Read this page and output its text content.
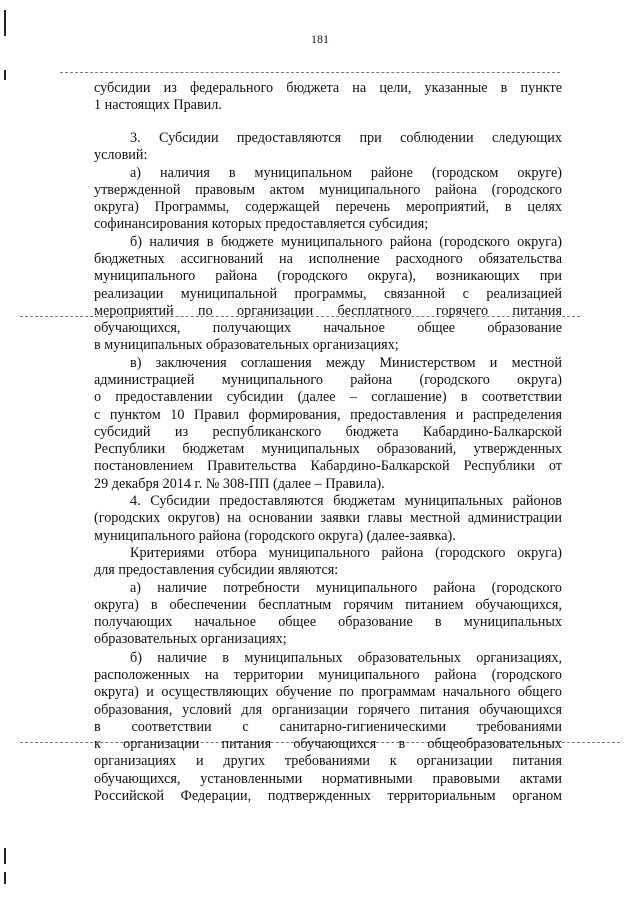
181
субсидии из федерального бюджета на цели, указанные в пункте
1 настоящих Правил.
3. Субсидии предоставляются при соблюдении следующих
условий:
а) наличия в муниципальном районе (городском округе)
утвержденной правовым актом муниципального района (городского
округа) Программы, содержащей перечень мероприятий, в целях
софинансирования которых предоставляется субсидия;
б) наличия в бюджете муниципального района (городского округа)
бюджетных ассигнований на исполнение расходного обязательства
муниципального района (городского округа), возникающих при
реализации муниципальной программы, связанной с реализацией
мероприятий по организации бесплатного горячего питания
обучающихся, получающих начальное общее образование
в муниципальных образовательных организациях;
в) заключения соглашения между Министерством и местной
администрацией муниципального района (городского округа)
о предоставлении субсидии (далее – соглашение) в соответствии
с пунктом 10 Правил формирования, предоставления и распределения
субсидий из республиканского бюджета Кабардино-Балкарской
Республики бюджетам муниципальных образований, утвержденных
постановлением Правительства Кабардино-Балкарской Республики от
29 декабря 2014 г. № 308-ПП (далее – Правила).
4. Субсидии предоставляются бюджетам муниципальных районов
(городских округов) на основании заявки главы местной администрации
муниципального района (городского округа) (далее-заявка).
Критериями отбора муниципального района (городского округа)
для предоставления субсидии являются:
а) наличие потребности муниципального района (городского
округа) в обеспечении бесплатным горячим питанием обучающихся,
получающих начальное общее образование в муниципальных
образовательных организациях;
б) наличие в муниципальных образовательных организациях,
расположенных на территории муниципального района (городского
округа) и осуществляющих обучение по программам начального общего
образования, условий для организации горячего питания обучающихся
в соответствии с санитарно-гигиеническими требованиями
к организации питания обучающихся в общеобразовательных
организациях и других требованиями к организации питания
обучающихся, установленными нормативными правовыми актами
Российской Федерации, подтвержденных территориальным органом
